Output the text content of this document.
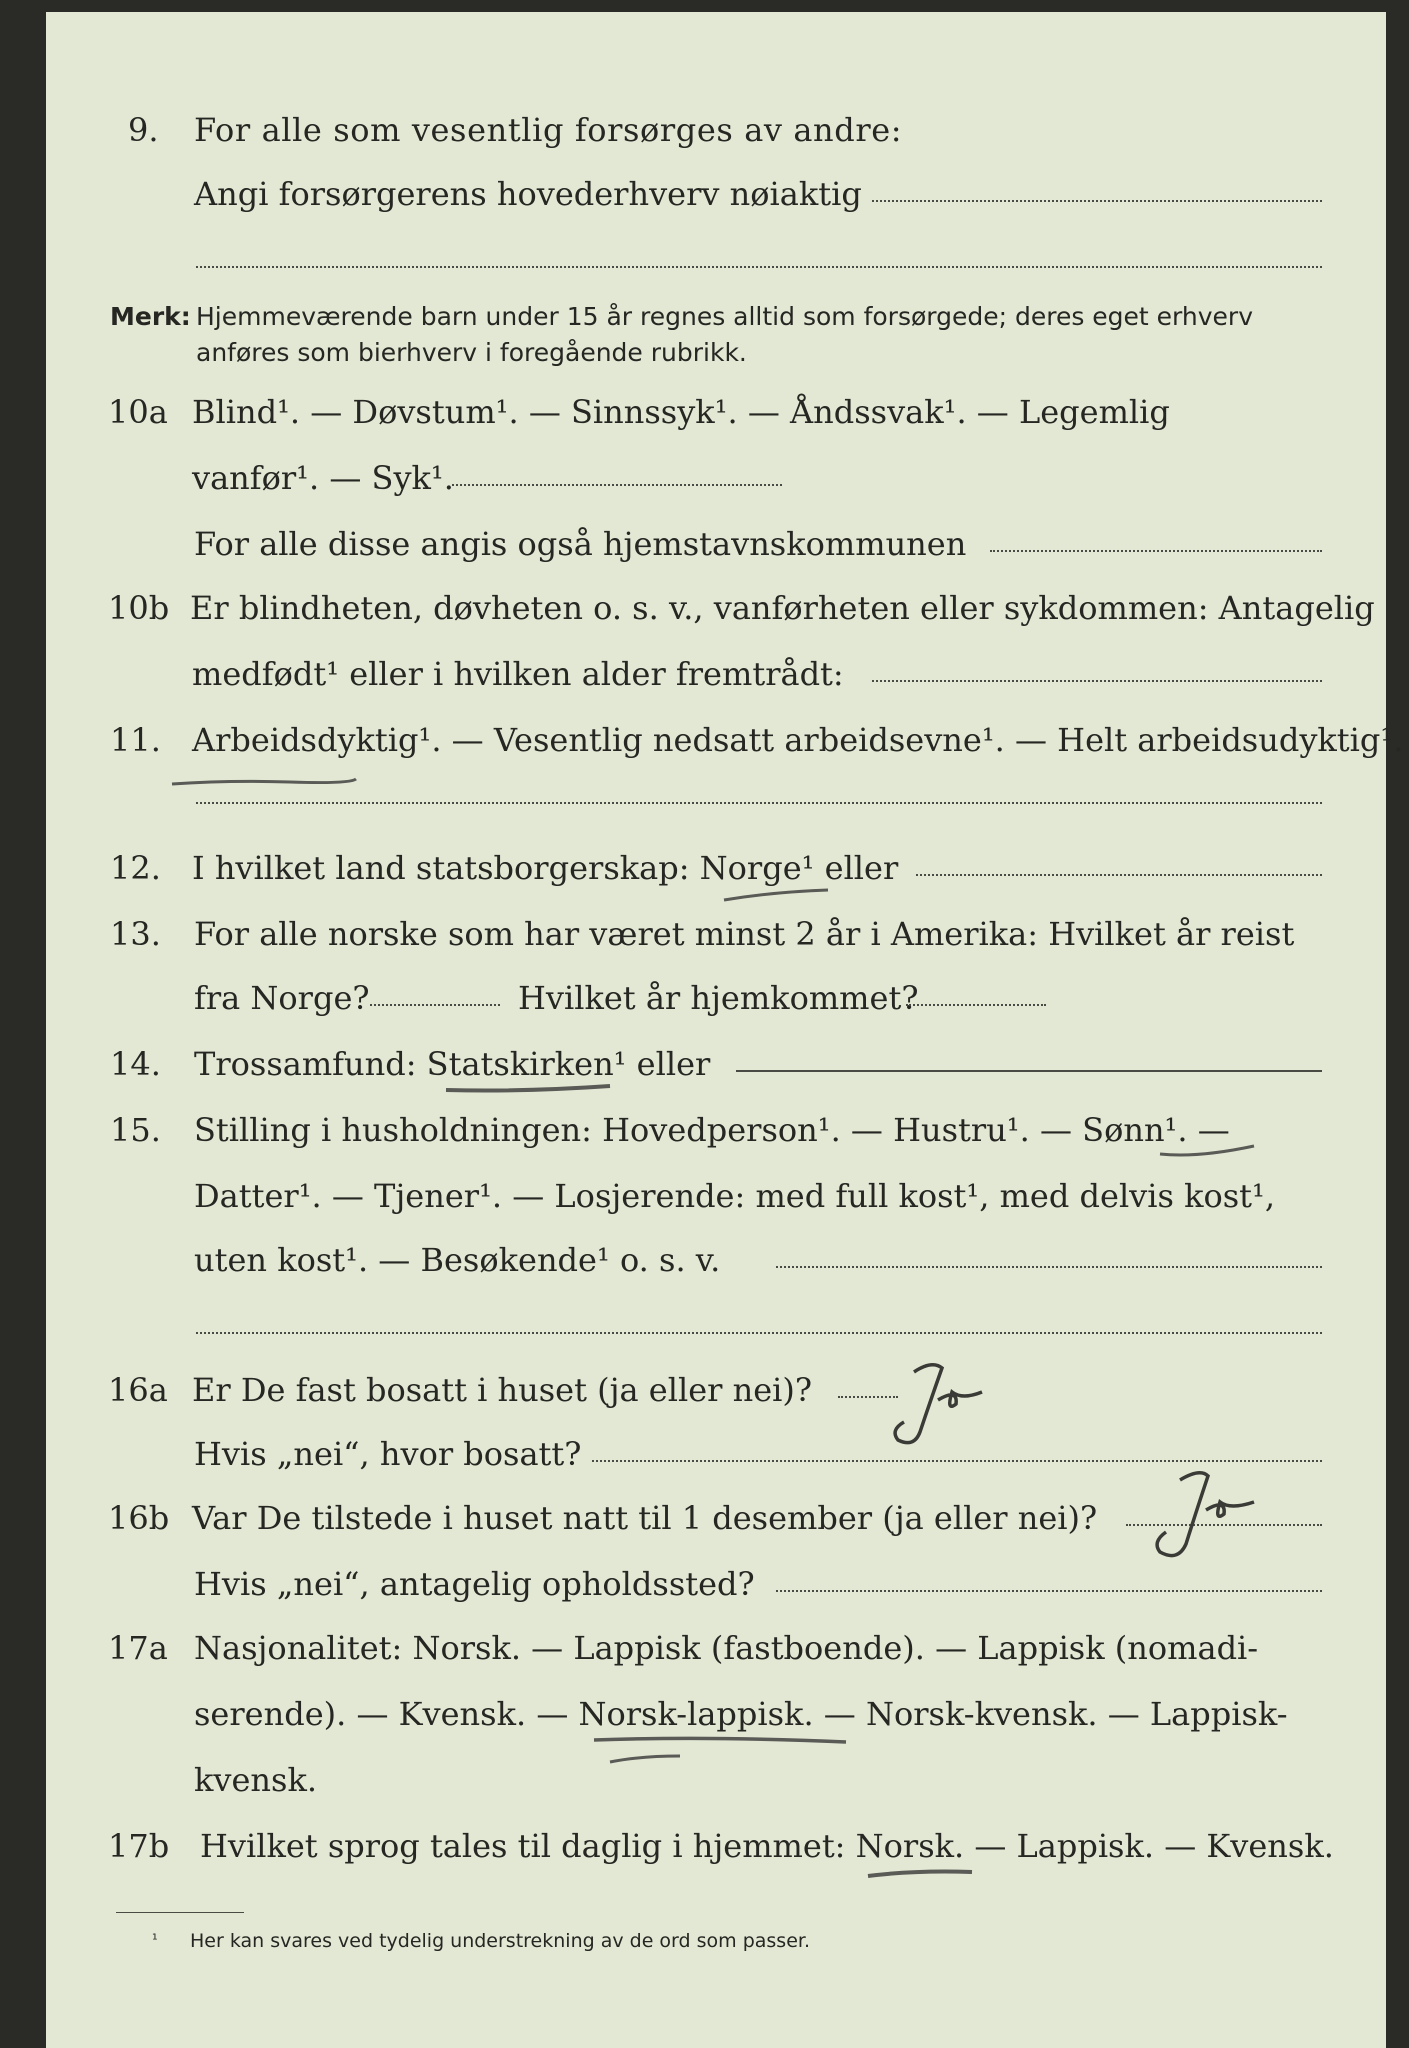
9. For alle som vesentlig forsørges av andre:
Angi forsørgerens hovederhverv nøiaktig
Merk: Hjemmeværende barn under 15 år regnes alltid som forsørgede; deres eget erhverv
anføres som bierhverv i foregående rubrikk.
10a Blind¹. — Døvstum¹. — Sinnssyk¹. — Åndssvak¹. — Legemlig
vanfør¹. — Syk¹.
For alle disse angis også hjemstavnskommunen
10b Er blindheten, døvheten o. s. v., vanførheten eller sykdommen: Antagelig
medfødt¹ eller i hvilken alder fremtrådt:
11. Arbeidsdyktig¹. — Vesentlig nedsatt arbeidsevne¹. — Helt arbeidsudyktig¹.
12. I hvilket land statsborgerskap: Norge¹ eller
13. For alle norske som har været minst 2 år i Amerika: Hvilket år reist
fra Norge?	Hvilket år hjemkommet?
14. Trossamfund: Statskirken¹ eller
15. Stilling i husholdningen: Hovedperson¹. — Hustru¹. — Sønn¹. —
Datter¹. — Tjener¹. — Losjerende: med full kost¹, med delvis kost¹,
uten kost¹. — Besøkende¹ o. s. v.
16a Er De fast bosatt i huset (ja eller nei)?
Hvis „nei“, hvor bosatt?
16b Var De tilstede i huset natt til 1 desember (ja eller nei)?
Hvis „nei“, antagelig opholdssted?
17a Nasjonalitet: Norsk. — Lappisk (fastboende). — Lappisk (nomadi-
serende). — Kvensk. — Norsk-lappisk. — Norsk-kvensk. — Lappisk-
kvensk.
17b Hvilket sprog tales til daglig i hjemmet: Norsk. — Lappisk. — Kvensk.
¹ Her kan svares ved tydelig understrekning av de ord som passer.
